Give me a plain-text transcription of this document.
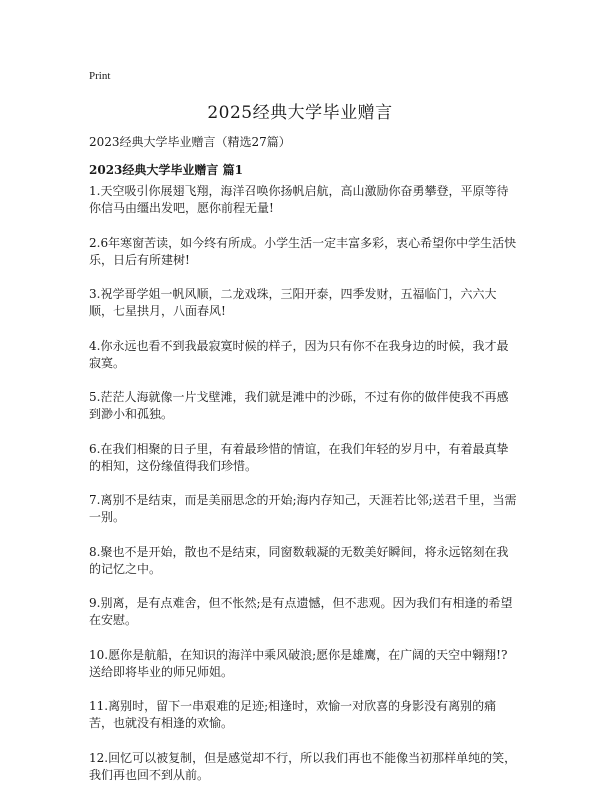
Print
2025经典大学毕业赠言
2023经典大学毕业赠言（精选27篇）
2023经典大学毕业赠言 篇1
1.天空吸引你展翅飞翔，海洋召唤你扬帆启航，高山激励你奋勇攀登，平原等待你信马由缰出发吧，愿你前程无量!
2.6年寒窗苦读，如今终有所成。小学生活一定丰富多彩，衷心希望你中学生活快乐，日后有所建树!
3.祝学哥学姐一帆风顺，二龙戏珠，三阳开泰，四季发财，五福临门，六六大顺，七星拱月，八面春风!
4.你永远也看不到我最寂寞时候的样子，因为只有你不在我身边的时候，我才最寂寞。
5.茫茫人海就像一片戈壁滩，我们就是滩中的沙砾，不过有你的做伴使我不再感到渺小和孤独。
6.在我们相聚的日子里，有着最珍惜的情谊，在我们年轻的岁月中，有着最真挚的相知，这份缘值得我们珍惜。
7.离别不是结束，而是美丽思念的开始;海内存知己，天涯若比邻;送君千里，当需一别。
8.聚也不是开始，散也不是结束，同窗数载凝的无数美好瞬间，将永远铭刻在我的记忆之中。
9.别离，是有点难舍，但不怅然;是有点遗憾，但不悲观。因为我们有相逢的希望在安慰。
10.愿你是航船，在知识的海洋中乘风破浪;愿你是雄鹰，在广阔的天空中翱翔!?送给即将毕业的师兄师姐。
11.离别时，留下一串艰难的足迹;相逢时，欢愉一对欣喜的身影没有离别的痛苦，也就没有相逢的欢愉。
12.回忆可以被复制，但是感觉却不行，所以我们再也不能像当初那样单纯的笑，我们再也回不到从前。
